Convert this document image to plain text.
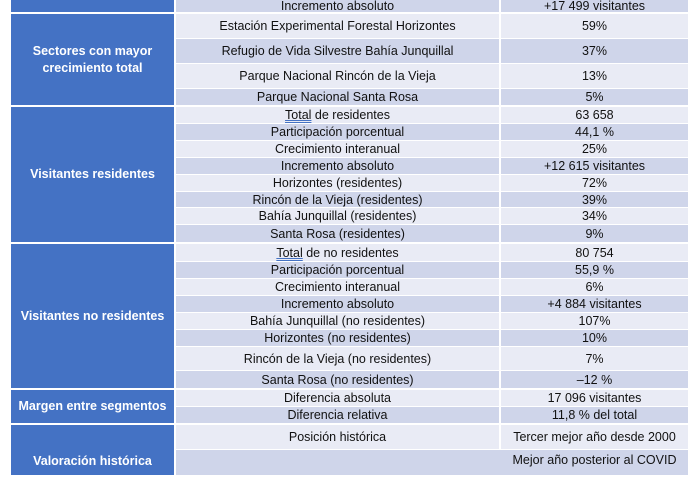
Incremento absoluto	+17 499 visitantes
Sectores con mayor crecimiento total
Estación Experimental Forestal Horizontes	59%
Refugio de Vida Silvestre Bahía Junquillal	37%
Parque Nacional Rincón de la Vieja	13%
Parque Nacional Santa Rosa	5%
Visitantes residentes
Total de residentes	63 658
Participación porcentual	44,1 %
Crecimiento interanual	25%
Incremento absoluto	+12 615 visitantes
Horizontes (residentes)	72%
Rincón de la Vieja (residentes)	39%
Bahía Junquillal (residentes)	34%
Santa Rosa (residentes)	9%
Visitantes no residentes
Total de no residentes	80 754
Participación porcentual	55,9 %
Crecimiento interanual	6%
Incremento absoluto	+4 884 visitantes
Bahía Junquillal (no residentes)	107%
Horizontes (no residentes)	10%
Rincón de la Vieja (no residentes)	7%
Santa Rosa (no residentes)	–12 %
Margen entre segmentos
Diferencia absoluta	17 096 visitantes
Diferencia relativa	11,8 % del total
Valoración histórica
Posición histórica	Tercer mejor año desde 2000
Mejor año posterior al COVID
